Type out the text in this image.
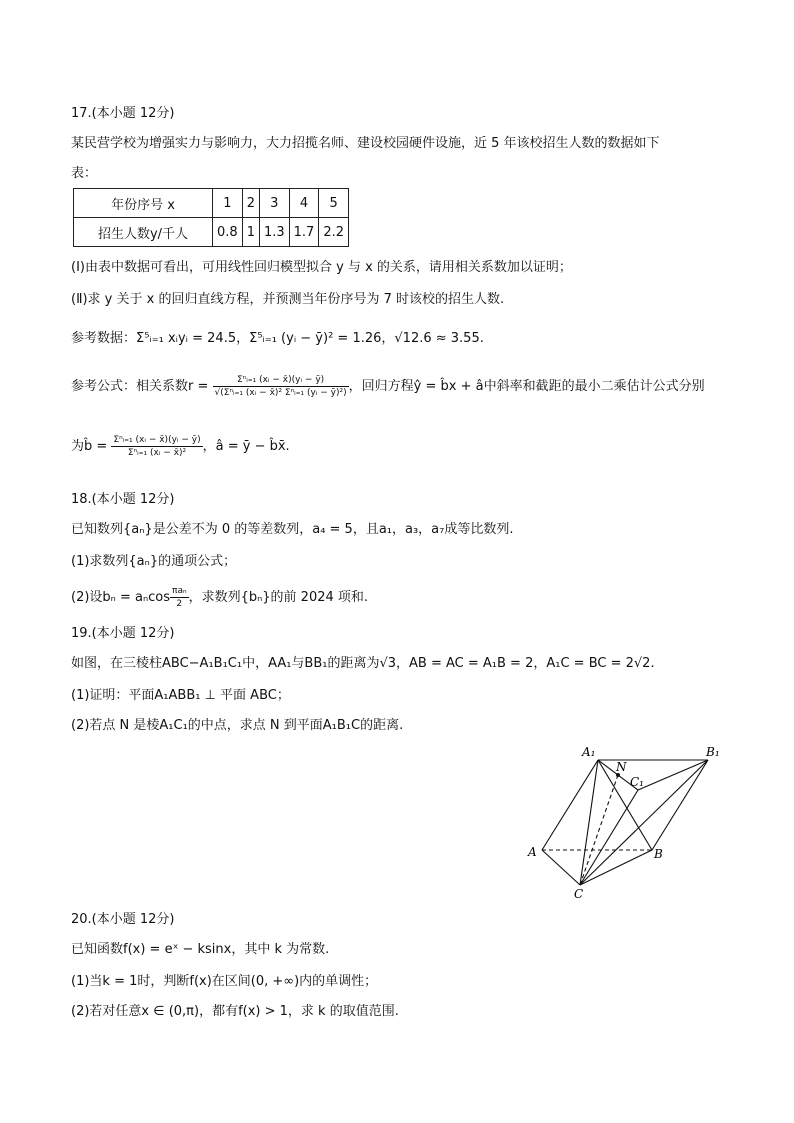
17.(本小题 12分)
某民营学校为增强实力与影响力，大力招揽名师、建设校园硬件设施，近 5 年该校招生人数的数据如下
表：
年份序号 x	1	2	3	4	5
招生人数y/千人	0.8	1	1.3	1.7	2.2
(Ⅰ)由表中数据可看出，可用线性回归模型拟合 y 与 x 的关系，请用相关系数加以证明；
(Ⅱ)求 y 关于 x 的回归直线方程，并预测当年份序号为 7 时该校的招生人数.
参考数据：Σ⁵ᵢ₌₁ xᵢyᵢ = 24.5，Σ⁵ᵢ₌₁ (yᵢ − ȳ)² = 1.26，√12.6 ≈ 3.55.
参考公式：相关系数$r = \frac{\text{Σⁿᵢ₌₁ (xᵢ − x̄)(yᵢ − ȳ)}}{\text{√(Σⁿᵢ₌₁ (xᵢ − x̄)² Σⁿᵢ₌₁ (yᵢ − ȳ)²)}}$ ，回归方程ŷ = b̂x + â中斜率和截距的最小二乘估计公式分别
为b̂ = $\frac{\text{Σⁿᵢ₌₁ (xᵢ − x̄)(yᵢ − ȳ)}}{\text{Σⁿᵢ₌₁ (xᵢ − x̄)²}}$ ，â = ȳ − b̂x̄.
18.(本小题 12分)
已知数列{aₙ}是公差不为 0 的等差数列，a₄ = 5，且a₁，a₃，a₇成等比数列.
(1)求数列{aₙ}的通项公式；
(2)设bₙ = aₙcos $\frac{\text{πaₙ}}{2}$ ，求数列{bₙ}的前 2024 项和.
19.(本小题 12分)
如图，在三棱柱ABC−A₁B₁C₁中，AA₁与BB₁的距离为√3，AB = AC = A₁B = 2，A₁C = BC = 2√2.
(1)证明：平面A₁ABB₁ ⊥ 平面 ABC；
(2)若点 N 是棱A₁C₁的中点，求点 N 到平面A₁B₁C的距离.
A₁	B₁
C₁
N
A	B
C
20.(本小题 12分)
已知函数f(x) = eˣ − ksinx，其中 k 为常数.
(1)当k = 1时，判断f(x)在区间(0, +∞)内的单调性；
(2)若对任意x ∈ (0,π)，都有f(x) > 1，求 k 的取值范围.
